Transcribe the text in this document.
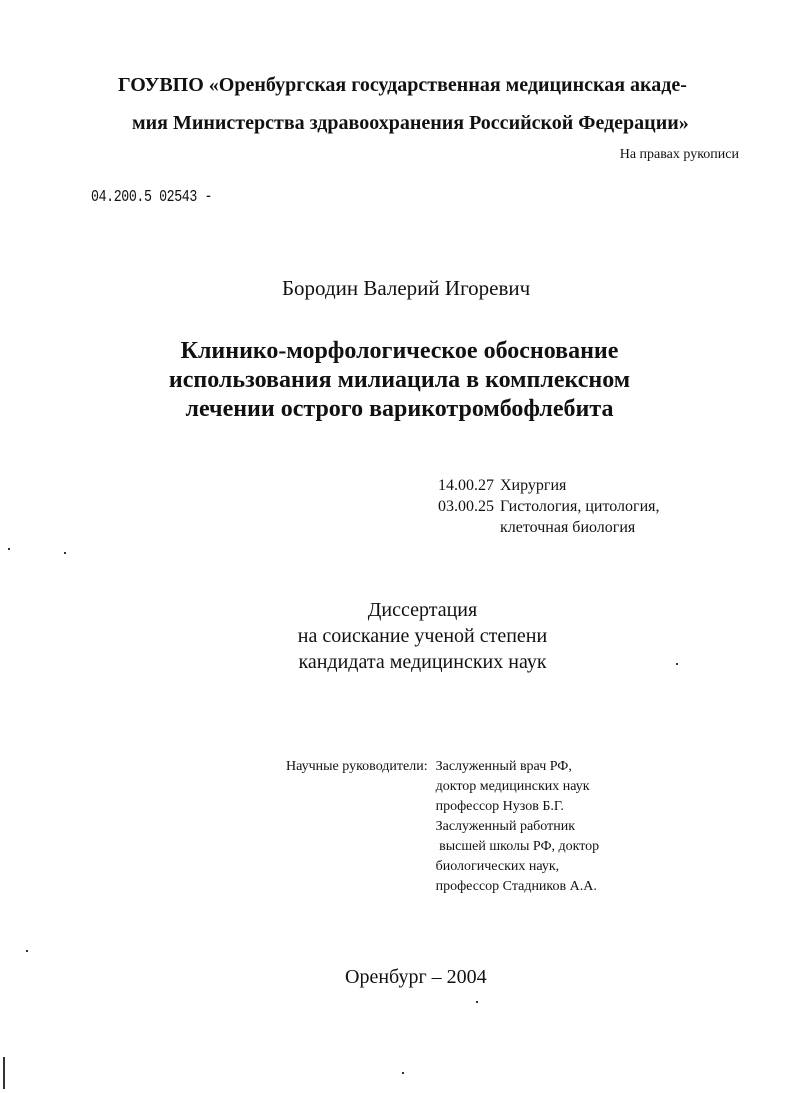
ГОУВПО «Оренбургская государственная медицинская акаде-
мия Министерства здравоохранения Российской Федерации»
На правах рукописи
04.200.5 02543 -
Бородин Валерий Игоревич
Клинико-морфологическое обоснование
использования милиацила в комплексном
лечении острого варикотромбофлебита
14.00.27	Хирургия
03.00.25	Гистология, цитология,
	клеточная биология
Диссертация
на соискание ученой степени
кандидата медицинских наук
Научные руководители:	Заслуженный врач РФ,
доктор медицинских наук
профессор Нузов Б.Г.
Заслуженный работник
высшей школы РФ, доктор
биологических наук,
профессор Стадников А.А.
Оренбург – 2004
